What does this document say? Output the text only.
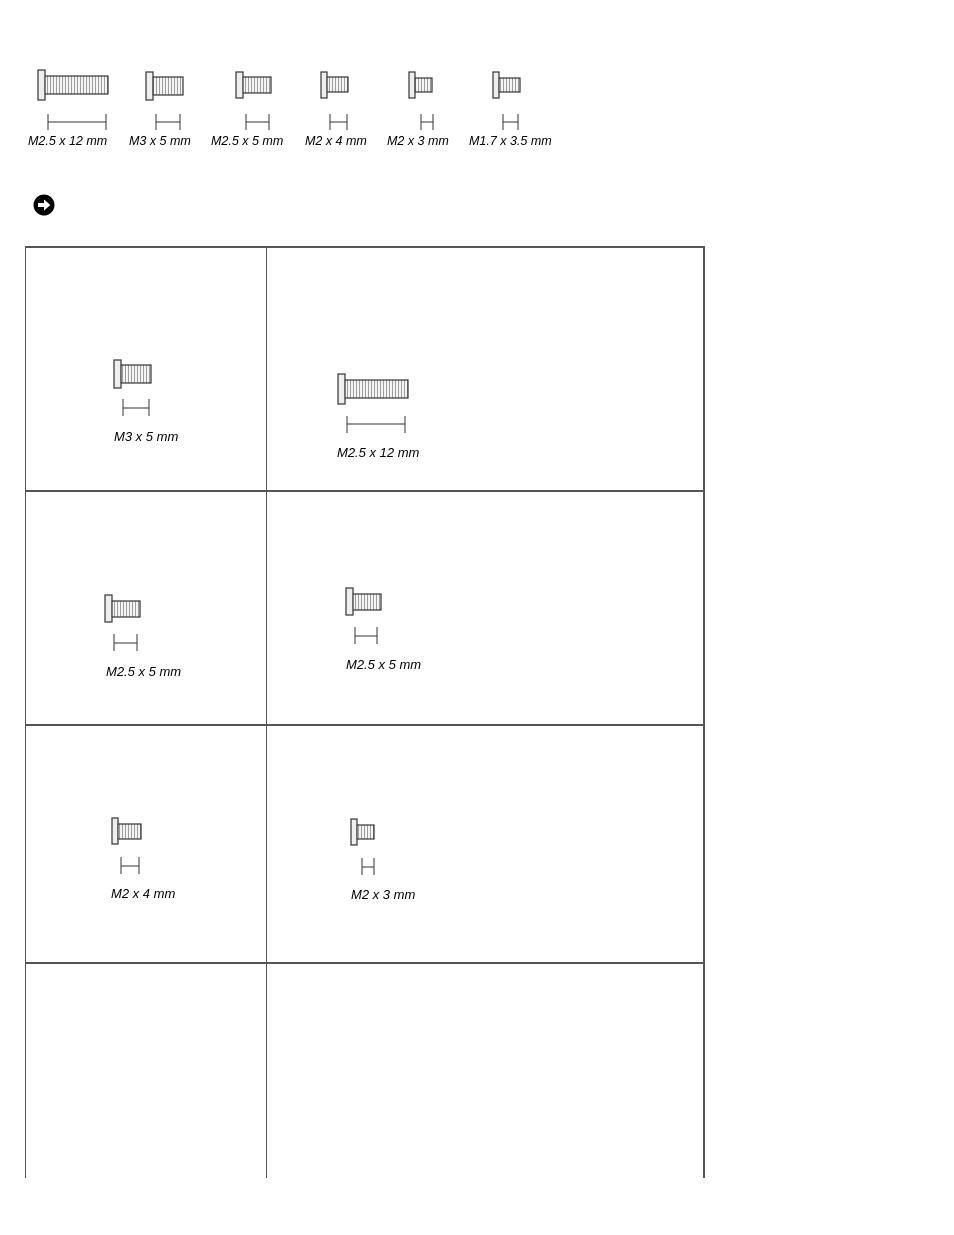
M2.5 x 12 mm M3 x 5 mm M2.5 x 5 mm M2 x 4 mm M2 x 3 mm M1.7 x 3.5 mm
M3 x 5 mm
M2.5 x 12 mm
M2.5 x 5 mm	M2.5 x 5 mm
M2 x 4 mm	M2 x 3 mm
